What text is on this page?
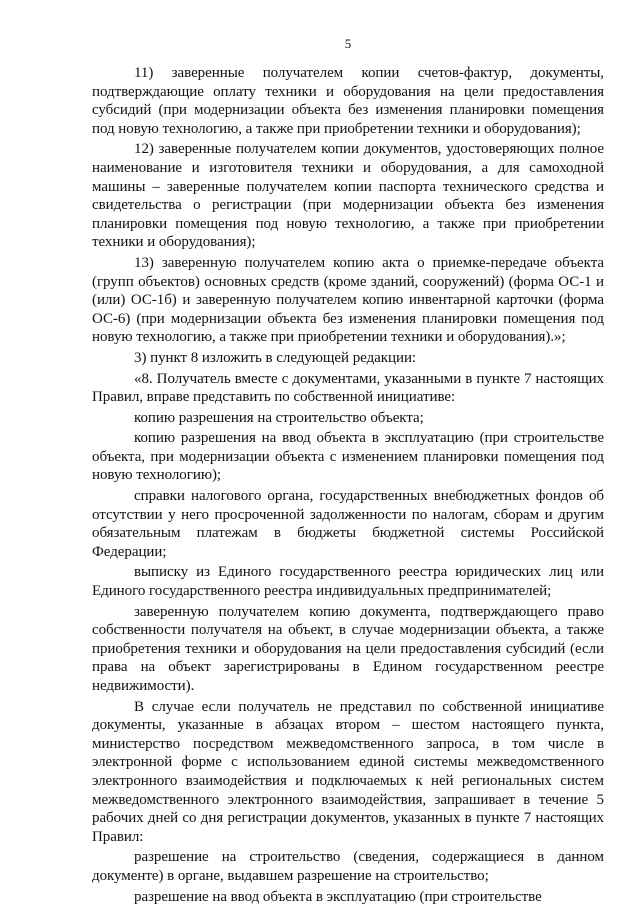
5

11) заверенные получателем копии счетов-фактур, документы, подтверждающие оплату техники и оборудования на цели предоставления субсидий (при модернизации объекта без изменения планировки помещения под новую технологию, а также при приобретении техники и оборудования);

12) заверенные получателем копии документов, удостоверяющих полное наименование и изготовителя техники и оборудования, а для самоходной машины – заверенные получателем копии паспорта технического средства и свидетельства о регистрации (при модернизации объекта без изменения планировки помещения под новую технологию, а также при приобретении техники и оборудования);

13) заверенную получателем копию акта о приемке-передаче объекта (групп объектов) основных средств (кроме зданий, сооружений) (форма ОС-1 и (или) ОС-1б) и заверенную получателем копию инвентарной карточки (форма ОС-6) (при модернизации объекта без изменения планировки помещения под новую технологию, а также при приобретении техники и оборудования).»;

3) пункт 8 изложить в следующей редакции:

«8. Получатель вместе с документами, указанными в пункте 7 настоящих Правил, вправе представить по собственной инициативе:

копию разрешения на строительство объекта;

копию разрешения на ввод объекта в эксплуатацию (при строительстве объекта, при модернизации объекта с изменением планировки помещения под новую технологию);

справки налогового органа, государственных внебюджетных фондов об отсутствии у него просроченной задолженности по налогам, сборам и другим обязательным платежам в бюджеты бюджетной системы Российской Федерации;

выписку из Единого государственного реестра юридических лиц или Единого государственного реестра индивидуальных предпринимателей;

заверенную получателем копию документа, подтверждающего право собственности получателя на объект, в случае модернизации объекта, а также приобретения техники и оборудования на цели предоставления субсидий (если права на объект зарегистрированы в Едином государственном реестре недвижимости).

В случае если получатель не представил по собственной инициативе документы, указанные в абзацах втором – шестом настоящего пункта, министерство посредством межведомственного запроса, в том числе в электронной форме с использованием единой системы межведомственного электронного взаимодействия и подключаемых к ней региональных систем межведомственного электронного взаимодействия, запрашивает в течение 5 рабочих дней со дня регистрации документов, указанных в пункте 7 настоящих Правил:

разрешение на строительство (сведения, содержащиеся в данном документе) в органе, выдавшем разрешение на строительство;

разрешение на ввод объекта в эксплуатацию (при строительстве
